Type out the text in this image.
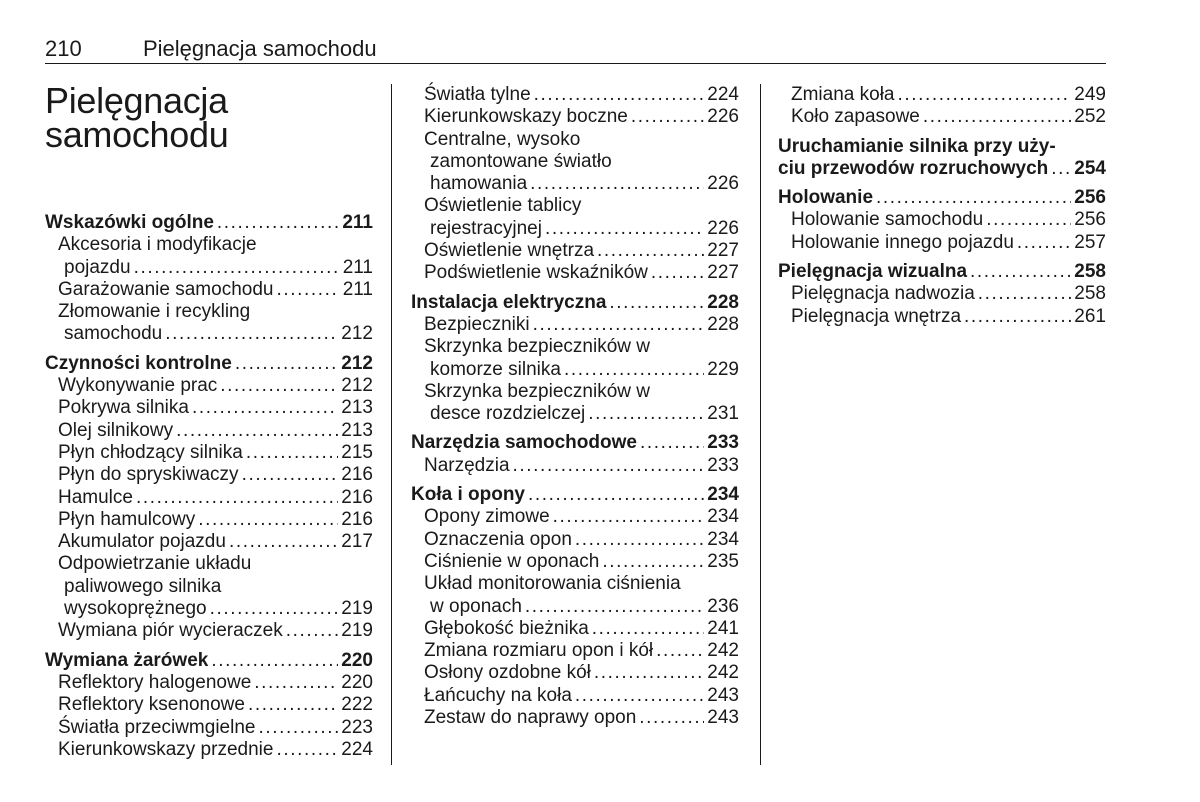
210	Pielęgnacja samochodu
Pielęgnacja
samochodu
Wskazówki ogólne .....	211
Akcesoria i modyfikacje
pojazdu .....	211
Garażowanie samochodu .....	211
Złomowanie i recykling
samochodu .....	212
Czynności kontrolne .....	212
Wykonywanie prac .....	212
Pokrywa silnika .....	213
Olej silnikowy .....	213
Płyn chłodzący silnika .....	215
Płyn do spryskiwaczy .....	216
Hamulce .....	216
Płyn hamulcowy .....	216
Akumulator pojazdu .....	217
Odpowietrzanie układu
paliwowego silnika
wysokoprężnego .....	219
Wymiana piór wycieraczek .....	219
Wymiana żarówek .....	220
Reflektory halogenowe .....	220
Reflektory ksenonowe .....	222
Światła przeciwmgielne .....	223
Kierunkowskazy przednie .....	224
Światła tylne .....	224
Kierunkowskazy boczne .....	226
Centralne, wysoko
zamontowane światło
hamowania .....	226
Oświetlenie tablicy
rejestracyjnej .....	226
Oświetlenie wnętrza .....	227
Podświetlenie wskaźników .....	227
Instalacja elektryczna .....	228
Bezpieczniki .....	228
Skrzynka bezpieczników w
komorze silnika .....	229
Skrzynka bezpieczników w
desce rozdzielczej .....	231
Narzędzia samochodowe .....	233
Narzędzia .....	233
Koła i opony .....	234
Opony zimowe .....	234
Oznaczenia opon .....	234
Ciśnienie w oponach .....	235
Układ monitorowania ciśnienia
w oponach .....	236
Głębokość bieżnika .....	241
Zmiana rozmiaru opon i kół .....	242
Osłony ozdobne kół .....	242
Łańcuchy na koła .....	243
Zestaw do naprawy opon .....	243
Zmiana koła .....	249
Koło zapasowe .....	252
Uruchamianie silnika przy uży-
ciu przewodów rozruchowych ..... 254
Holowanie .....	256
Holowanie samochodu .....	256
Holowanie innego pojazdu .....	257
Pielęgnacja wizualna .....	258
Pielęgnacja nadwozia .....	258
Pielęgnacja wnętrza .....	261
